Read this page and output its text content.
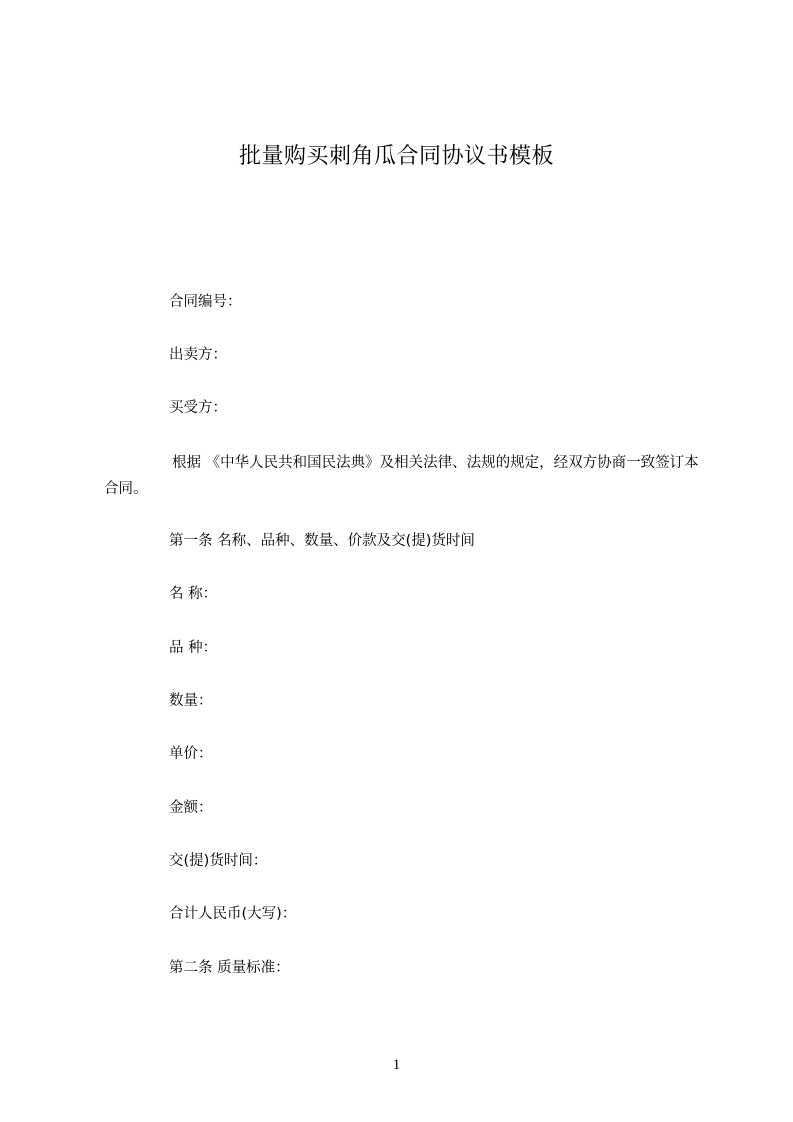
批量购买刺角瓜合同协议书模板
合同编号：
出卖方：
买受方：

根据 《中华人民共和国民法典》及相关法律、法规的规定，经双方协商一致签订本合同。

第一条 名称、品种、数量、价款及交(提)货时间
名 称：
品 种：
数量：
单价：
金额：
交(提)货时间：
合计人民币(大写)：
第二条 质量标准：
1
